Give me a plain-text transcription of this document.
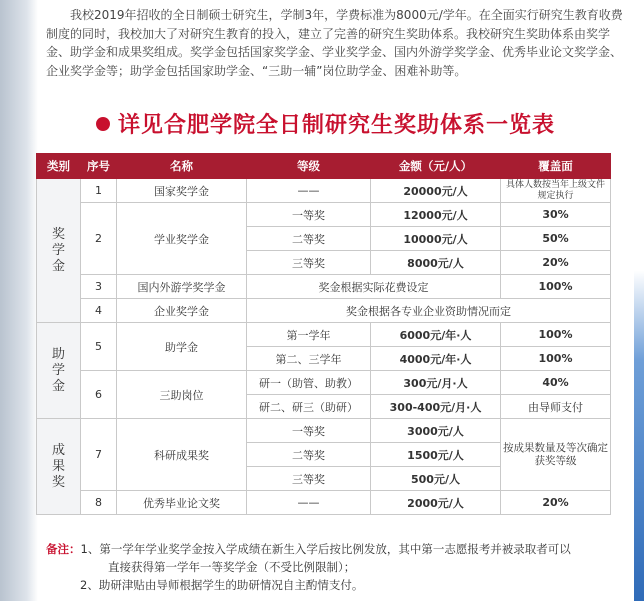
我校2019年招收的全日制硕士研究生，学制3年，学费标准为8000元/学年。在全面实行研究生教育收费制度的同时，我校加大了对研究生教育的投入，建立了完善的研究生奖助体系。我校研究生奖助体系由奖学金、助学金和成果奖组成。奖学金包括国家奖学金、学业奖学金、国内外游学奖学金、优秀毕业论文奖学金、企业奖学金等；助学金包括国家助学金、“三助一辅”岗位助学金、困难补助等。

详见合肥学院全日制研究生奖助体系一览表
类别	序号	名称	等级	金额（元/人）	覆盖面
奖学金	1	国家奖学金	——	20000元/人	具体人数按当年上级文件规定执行
	2	学业奖学金	一等奖	12000元/人	30%
			二等奖	10000元/人	50%
			三等奖	8000元/人	20%
	3	国内外游学奖学金	奖金根据实际花费设定		100%
	4	企业奖学金	奖金根据各专业企业资助情况而定		
助学金	5	助学金	第一学年	6000元/年·人	100%
			第二、三学年	4000元/年·人	100%
	6	三助岗位	研一（助管、助教）	300元/月·人	40%
			研二、研三（助研）	300-400元/月·人	由导师支付
成果奖	7	科研成果奖	一等奖	3000元/人	按成果数量及等次确定获奖等级
			二等奖	1500元/人	
			三等奖	500元/人	
	8	优秀毕业论文奖	——	2000元/人	20%
备注：1、第一学年学业奖学金按入学成绩在新生入学后按比例发放，其中第一志愿报考并被录取者可以
直接获得第一学年一等奖学金（不受比例限制）；
2、助研津贴由导师根据学生的助研情况自主酌情支付。
